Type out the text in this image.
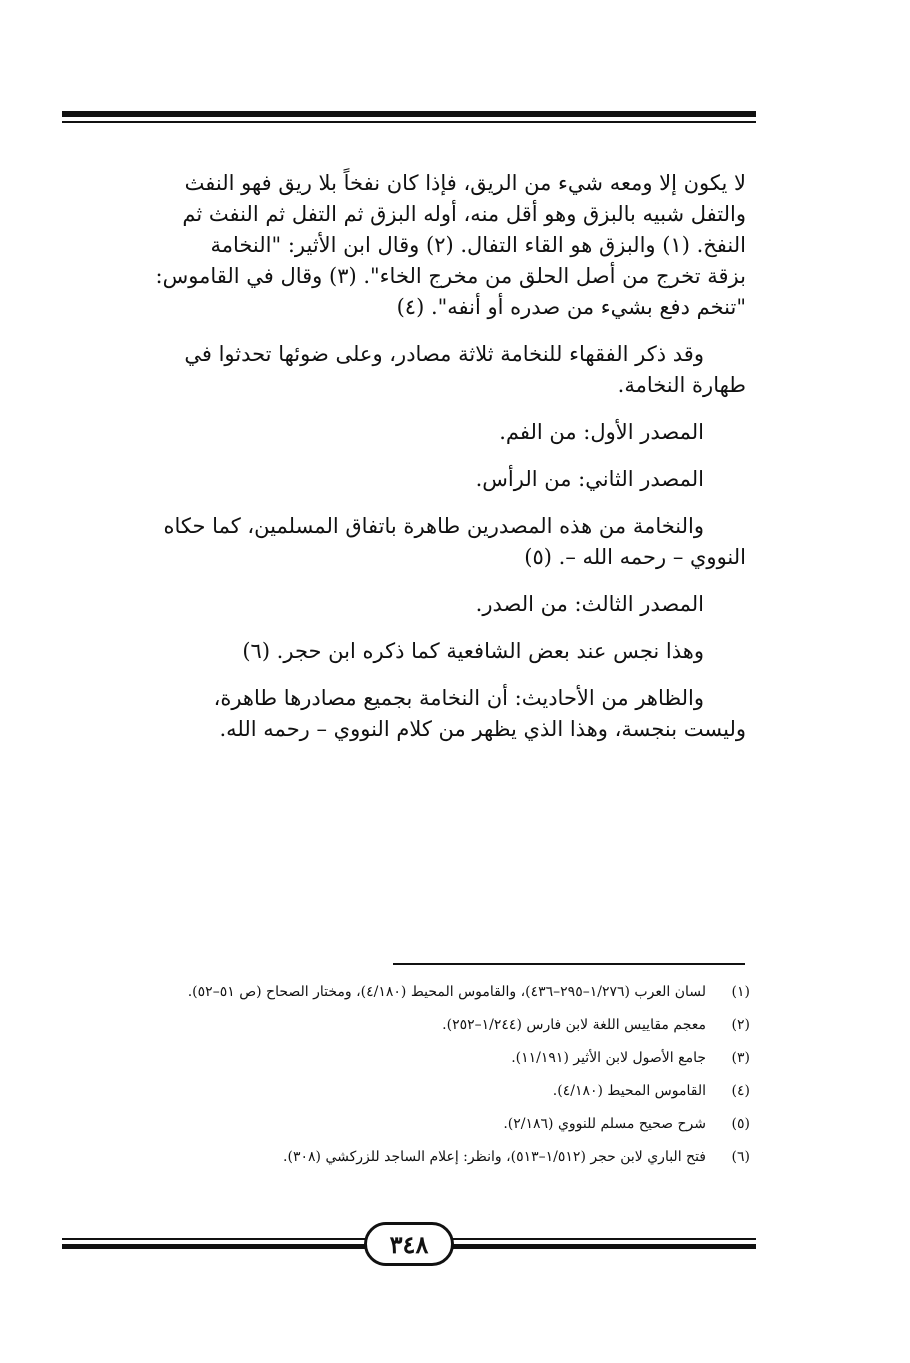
لا يكون إلا ومعه شيء من الريق، فإذا كان نفخاً بلا ريق فهو النفث
والتفل شبيه بالبزق وهو أقل منه، أوله البزق ثم التفل ثم النفث ثم
النفخ. (١) والبزق هو القاء التفال. (٢) وقال ابن الأثير: "النخامة
بزقة تخرج من أصل الحلق من مخرج الخاء". (٣) وقال في القاموس:
"تنخم دفع بشيء من صدره أو أنفه". (٤)

وقد ذكر الفقهاء للنخامة ثلاثة مصادر، وعلى ضوئها تحدثوا في
طهارة النخامة.

المصدر الأول: من الفم.

المصدر الثاني: من الرأس.

والنخامة من هذه المصدرين طاهرة باتفاق المسلمين، كما حكاه
النووي – رحمه الله –. (٥)

المصدر الثالث: من الصدر.

وهذا نجس عند بعض الشافعية كما ذكره ابن حجر. (٦)

والظاهر من الأحاديث: أن النخامة بجميع مصادرها طاهرة،
وليست بنجسة، وهذا الذي يظهر من كلام النووي – رحمه الله.

(١)
لسان العرب (١/٢٧٦–٢٩٥–٤٣٦)، والقاموس المحيط (٤/١٨٠)، ومختار الصحاح (ص ٥١–٥٢).
(٢)
معجم مقاييس اللغة لابن فارس (١/٢٤٤–٢٥٢).
(٣)
جامع الأصول لابن الأثير (١١/١٩١).
(٤)
القاموس المحيط (٤/١٨٠).
(٥)
شرح صحيح مسلم للنووي (٢/١٨٦).
(٦)
فتح الباري لابن حجر (١/٥١٢–٥١٣)، وانظر: إعلام الساجد للزركشي (٣٠٨).
٣٤٨
